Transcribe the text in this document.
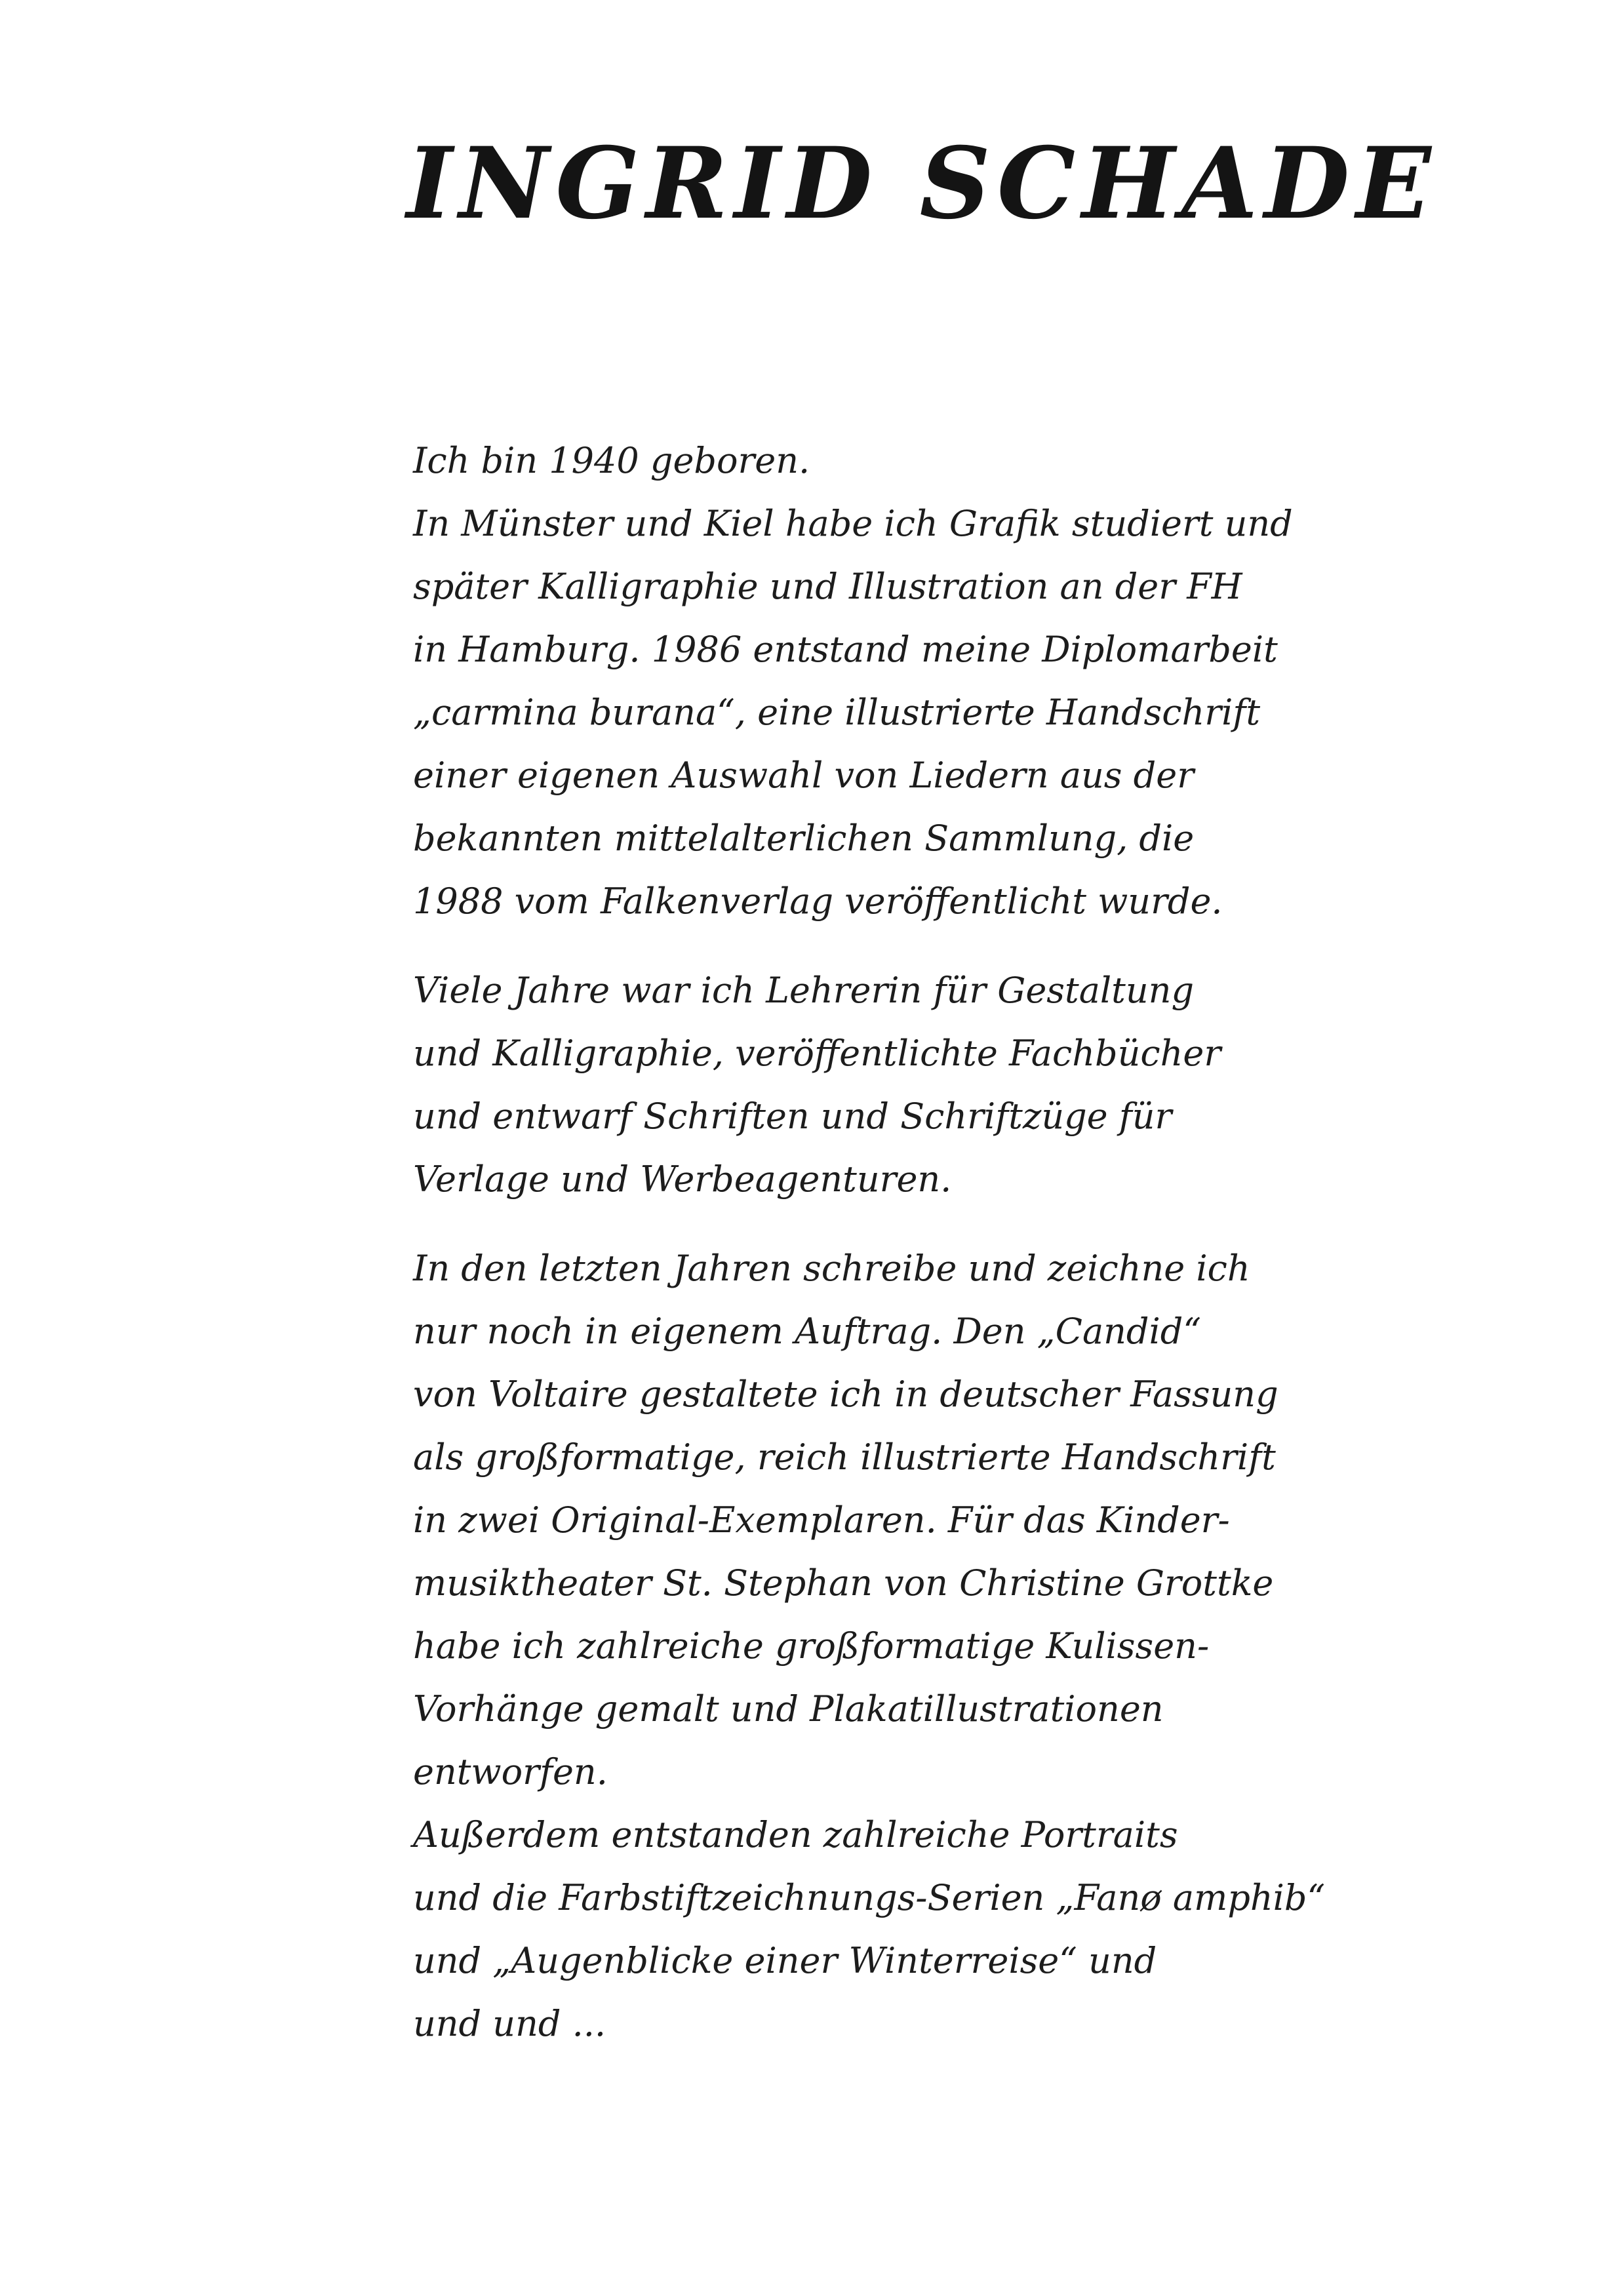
INGRID SCHADE
Ich bin 1940 geboren.
In Münster und Kiel habe ich Grafik studiert und
später Kalligraphie und Illustration an der FH
in Hamburg. 1986 entstand meine Diplomarbeit
„carmina burana“, eine illustrierte Handschrift
einer eigenen Auswahl von Liedern aus der
bekannten mittelalterlichen Sammlung, die
1988 vom Falkenverlag veröffentlicht wurde.
Viele Jahre war ich Lehrerin für Gestaltung
und Kalligraphie, veröffentlichte Fachbücher
und entwarf Schriften und Schriftzüge für
Verlage und Werbeagenturen.
In den letzten Jahren schreibe und zeichne ich
nur noch in eigenem Auftrag. Den „Candid“
von Voltaire gestaltete ich in deutscher Fassung
als großformatige, reich illustrierte Handschrift
in zwei Original-Exemplaren. Für das Kinder-
musiktheater St. Stephan von Christine Grottke
habe ich zahlreiche großformatige Kulissen-
Vorhänge gemalt und Plakatillustrationen
entworfen.
Außerdem entstanden zahlreiche Portraits
und die Farbstiftzeichnungs-Serien „Fanø amphib“
und „Augenblicke einer Winterreise“ und
und und ...
